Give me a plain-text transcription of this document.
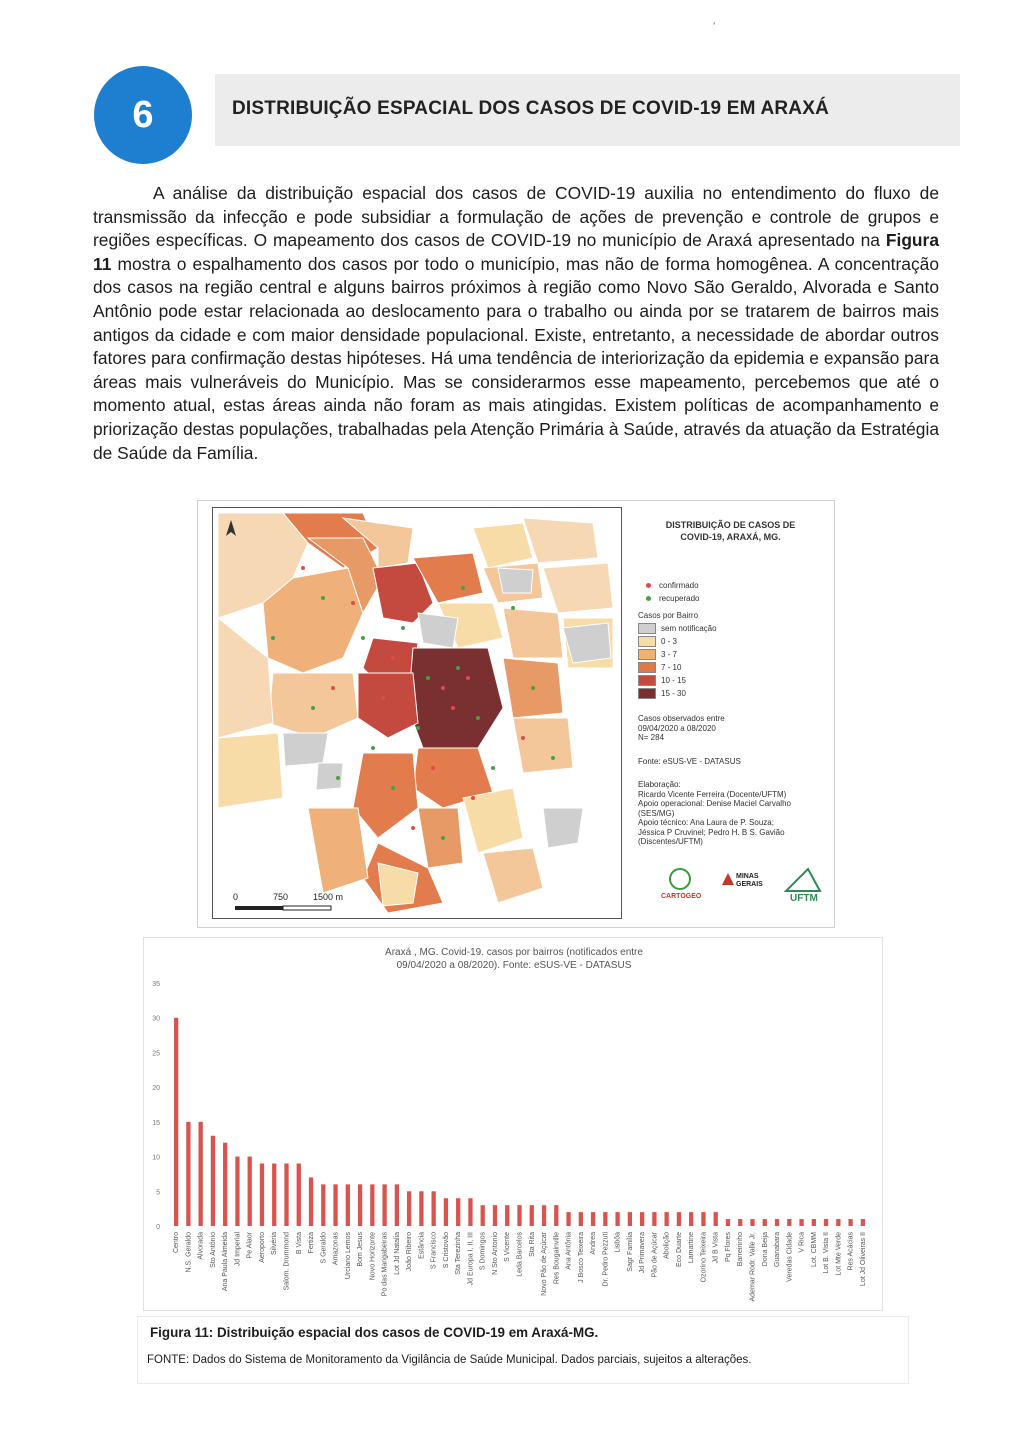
ʼ
6	DISTRIBUIÇÃO ESPACIAL DOS CASOS DE COVID-19 EM ARAXÁ

A análise da distribuição espacial dos casos de COVID-19 auxilia no entendimento do fluxo de transmissão da infecção e pode subsidiar a formulação de ações de prevenção e controle de grupos e regiões específicas. O mapeamento dos casos de COVID-19 no município de Araxá apresentado na Figura 11 mostra o espalhamento dos casos por todo o município, mas não de forma homogênea. A concentração dos casos na região central e alguns bairros próximos à região como Novo São Geraldo, Alvorada e Santo Antônio pode estar relacionada ao deslocamento para o trabalho ou ainda por se tratarem de bairros mais antigos da cidade e com maior densidade populacional. Existe, entretanto, a necessidade de abordar outros fatores para confirmação destas hipóteses. Há uma tendência de interiorização da epidemia e expansão para áreas mais vulneráveis do Município. Mas se considerarmos esse mapeamento, percebemos que até o momento atual, estas áreas ainda não foram as mais atingidas. Existem políticas de acompanhamento e priorização destas populações, trabalhadas pela Atenção Primária à Saúde, através da atuação da Estratégia de Saúde da Família.

0	750	1500 m
DISTRIBUIÇÃO DE CASOS DE
COVID-19, ARAXÁ, MG.
confirmado
recuperado
Casos por Bairro
sem notificação
0 - 3
3 - 7
7 - 10
10 - 15
15 - 30
Casos observados entre
09/04/2020 a 08/2020
N= 284
Fonte: eSUS-VE - DATASUS
Elaboração:
Ricardo Vicente Ferreira (Docente/UFTM)
Apoio operacional: Denise Maciel Carvalho
(SES/MG)
Apoio técnico: Ana Laura de P. Souza;
Jéssica P Cruvinel; Pedro H. B S. Gavião
(Discentes/UFTM)
CARTOGEO
MINAS GERAIS
UFTM
Araxá , MG. Covid-19. casos por bairros (notificados entre
09/04/2020 a 08/2020). Fonte: eSUS-VE - DATASUS
0
5
10
15
20
25
30
35
Centro N.S. Geraldo Alvorada Sto Antônio Ana Paula Almeida Jd Imperial Pe Alaor Aeroporto Silvéria Salom. Drummond B Vista Fertiza S Geraldo Amazonas Urciano Lemos Bom Jesus Novo Horizonte Po das Mangabeiras Lot Jd Natalia João Ribeiro Estância S Francisco S Cristovão Sta Terezinha Jd Europa I, II, III S Domingos N Sto Antonio S Vicente Leda Barcelos Sta Rita Novo Pão de Açúcar Res Bougainville Ana Antônia J Bosco Teixeira Andrea Dr. Pedro Pezzuti Lisbôa Sagr Família Jd Primavera Pão de Açúcar Abolição Eco Duarte Lamartine Ozorino Teixeira Jd B Vista Pq Flores Barreirinho Ademar Rodr. Valle Jr. Dona Beija Guanabara Veredas Cidade V Rica Lot. CBMM Lot B. Vista II Lot Mte Verde Res Acácias Lot Jd Oliveiras II
Figura 11: Distribuição espacial dos casos de COVID-19 em Araxá-MG.
FONTE: Dados do Sistema de Monitoramento da Vigilância de Saúde Municipal. Dados parciais, sujeitos a alterações.
